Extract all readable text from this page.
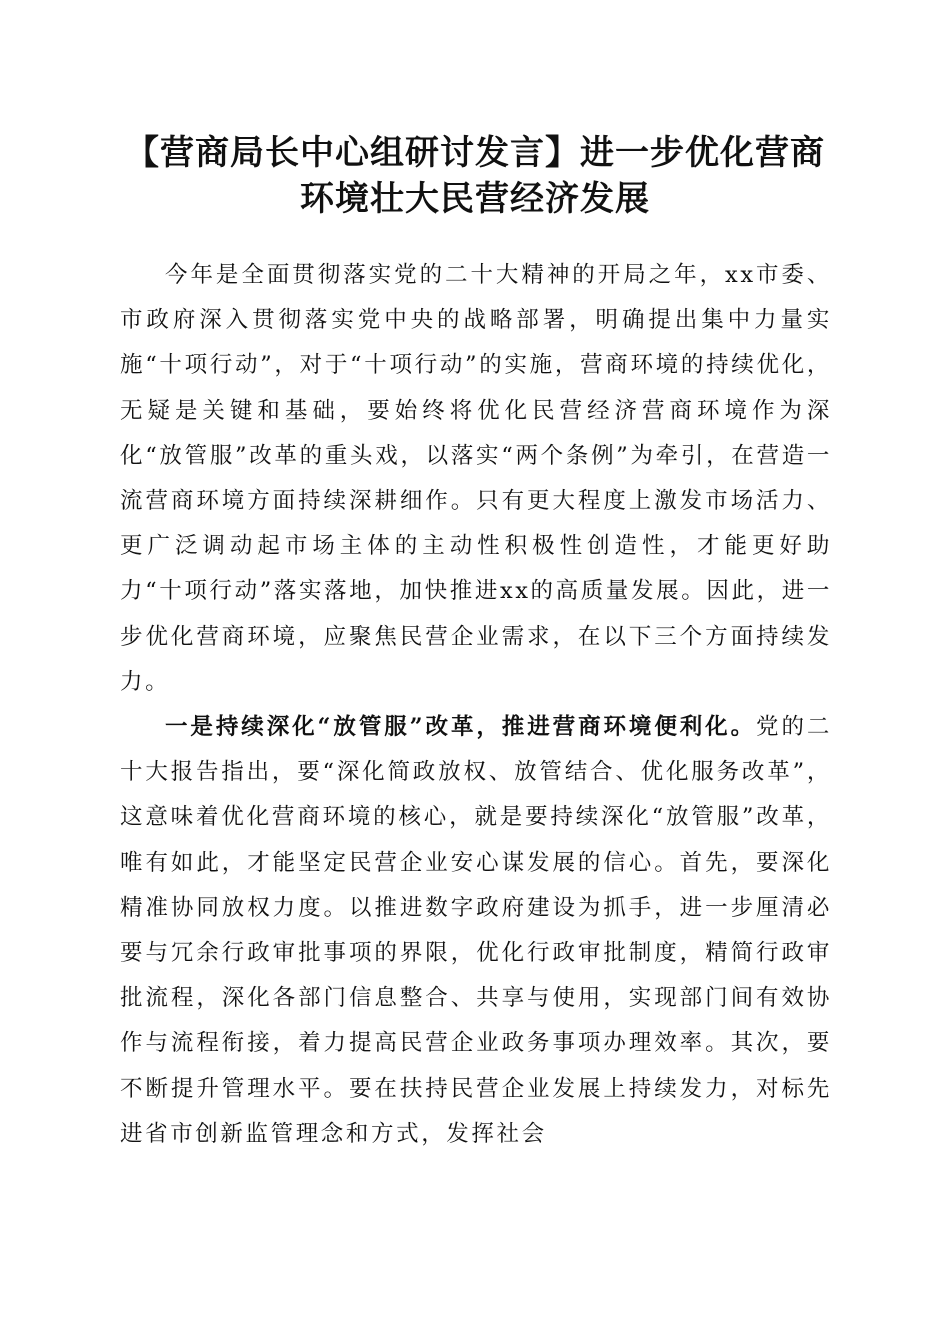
【营商局长中心组研讨发言】进一步优化营商
环境壮大民营经济发展

今年是全面贯彻落实党的二十大精神的开局之年，xx市委、市政府深入贯彻落实党中央的战略部署，明确提出集中力量实施“十项行动”，对于“十项行动”的实施，营商环境的持续优化，无疑是关键和基础，要始终将优化民营经济营商环境作为深化“放管服”改革的重头戏，以落实“两个条例”为牵引，在营造一流营商环境方面持续深耕细作。只有更大程度上激发市场活力、更广泛调动起市场主体的主动性积极性创造性，才能更好助力“十项行动”落实落地，加快推进xx的高质量发展。因此，进一步优化营商环境，应聚焦民营企业需求，在以下三个方面持续发力。

一是持续深化“放管服”改革，推进营商环境便利化。党的二十大报告指出，要“深化简政放权、放管结合、优化服务改革”，这意味着优化营商环境的核心，就是要持续深化“放管服”改革，唯有如此，才能坚定民营企业安心谋发展的信心。首先，要深化精准协同放权力度。以推进数字政府建设为抓手，进一步厘清必要与冗余行政审批事项的界限，优化行政审批制度，精简行政审批流程，深化各部门信息整合、共享与使用，实现部门间有效协作与流程衔接，着力提高民营企业政务事项办理效率。其次，要不断提升管理水平。要在扶持民营企业发展上持续发力，对标先进省市创新监管理念和方式，发挥社会
